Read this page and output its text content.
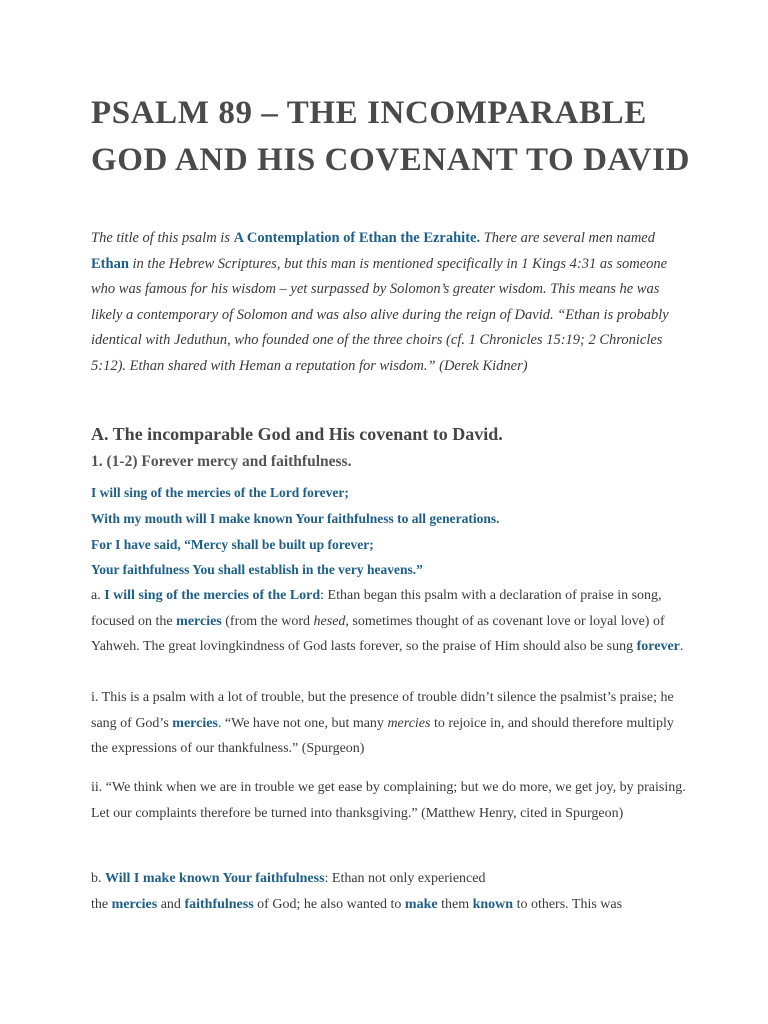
PSALM 89 – THE INCOMPARABLE GOD AND HIS COVENANT TO DAVID

The title of this psalm is A Contemplation of Ethan the Ezrahite. There are several men named Ethan in the Hebrew Scriptures, but this man is mentioned specifically in 1 Kings 4:31 as someone who was famous for his wisdom – yet surpassed by Solomon’s greater wisdom. This means he was likely a contemporary of Solomon and was also alive during the reign of David. “Ethan is probably identical with Jeduthun, who founded one of the three choirs (cf. 1 Chronicles 15:19; 2 Chronicles 5:12). Ethan shared with Heman a reputation for wisdom.” (Derek Kidner)

A. The incomparable God and His covenant to David.
1. (1-2) Forever mercy and faithfulness.

I will sing of the mercies of the Lord forever;

With my mouth will I make known Your faithfulness to all generations.

For I have said, “Mercy shall be built up forever;

Your faithfulness You shall establish in the very heavens.”

a. I will sing of the mercies of the Lord: Ethan began this psalm with a declaration of praise in song, focused on the mercies (from the word hesed, sometimes thought of as covenant love or loyal love) of Yahweh. The great lovingkindness of God lasts forever, so the praise of Him should also be sung forever.

i. This is a psalm with a lot of trouble, but the presence of trouble didn’t silence the psalmist’s praise; he sang of God’s mercies. “We have not one, but many mercies to rejoice in, and should therefore multiply the expressions of our thankfulness.” (Spurgeon)

ii. “We think when we are in trouble we get ease by complaining; but we do more, we get joy, by praising. Let our complaints therefore be turned into thanksgiving.” (Matthew Henry, cited in Spurgeon)

b. Will I make known Your faithfulness: Ethan not only experienced
the mercies and faithfulness of God; he also wanted to make them known to others. This was
